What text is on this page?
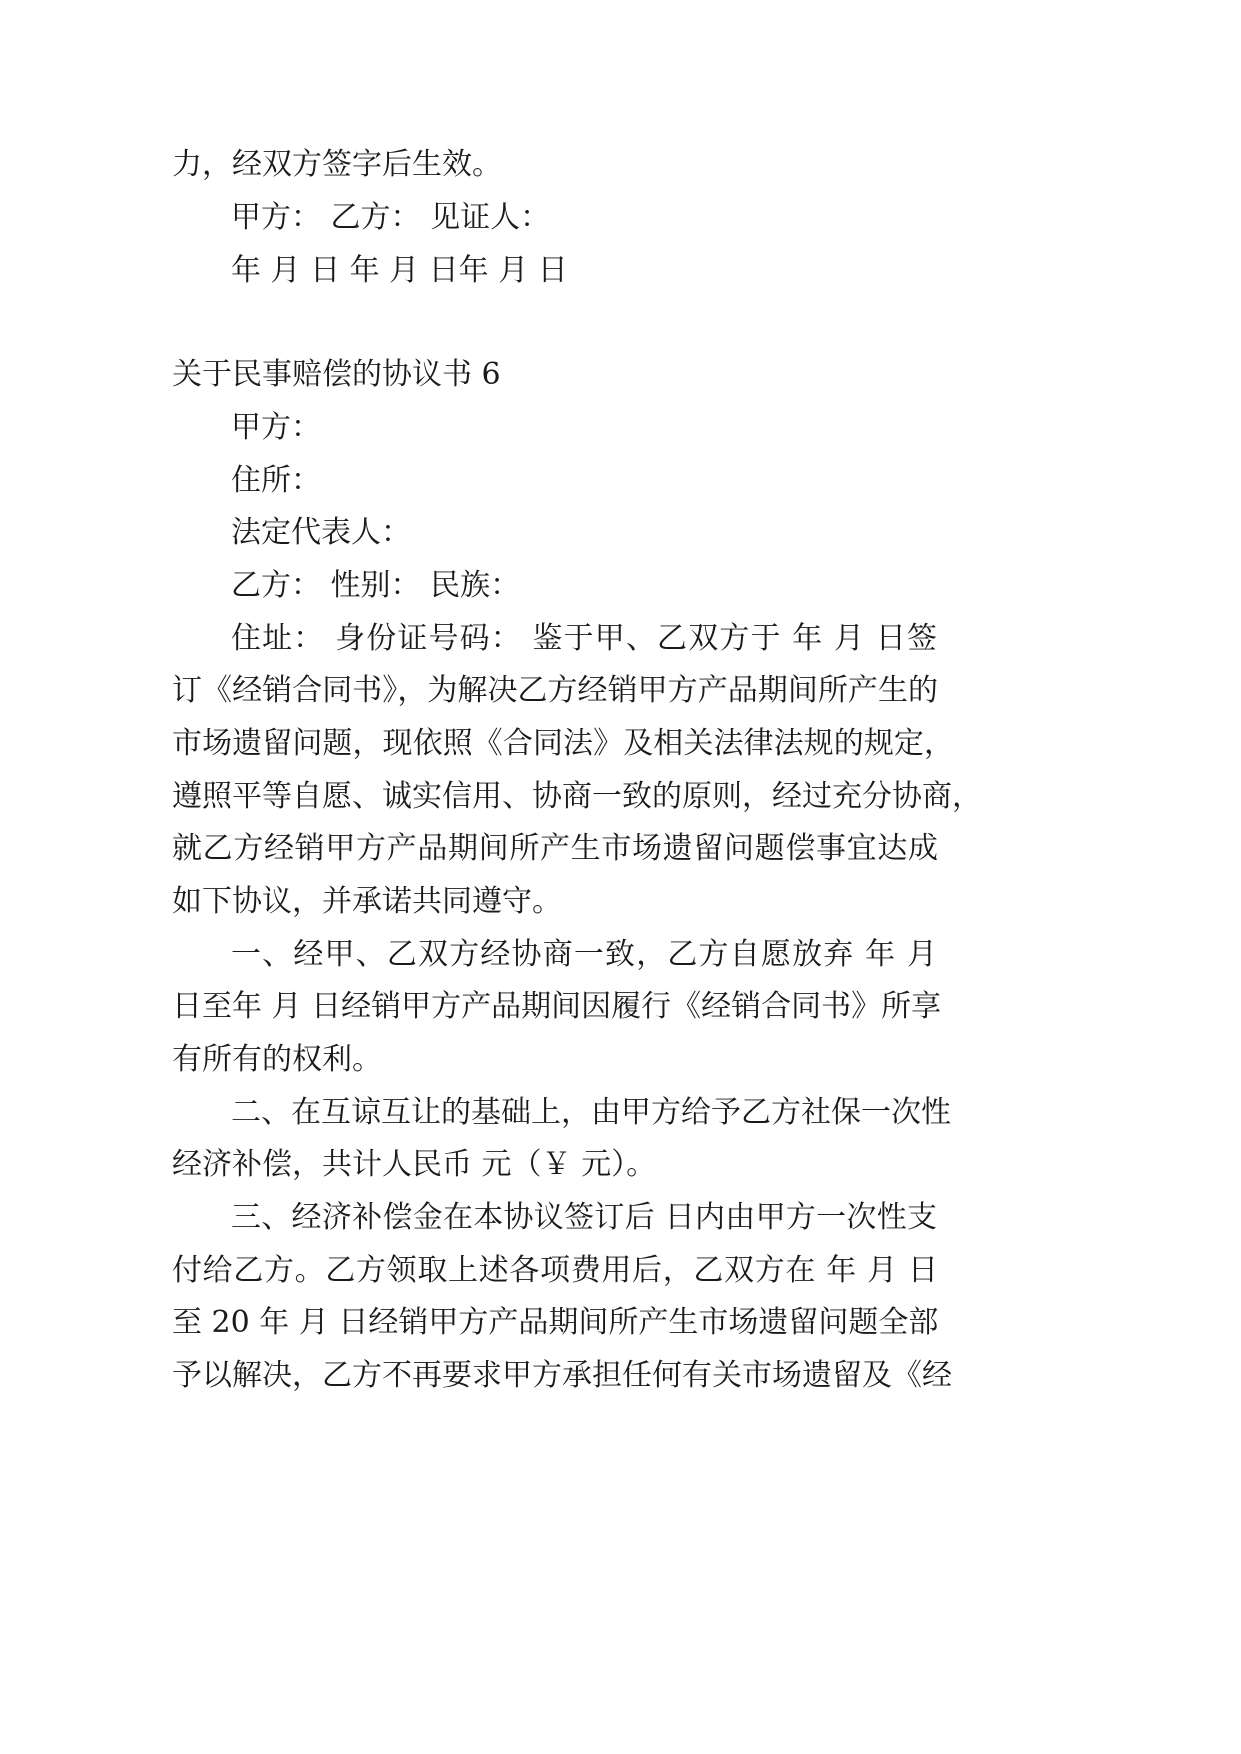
力，经双方签字后生效。
甲方： 乙方： 见证人：
年 月 日 年 月 日年 月 日
关于民事赔偿的协议书 6
甲方：
住所：
法定代表人：
乙方： 性别： 民族：
住址： 身份证号码： 鉴于甲、乙双方于 年 月 日签
订《经销合同书》，为解决乙方经销甲方产品期间所产生的
市场遗留问题，现依照《合同法》及相关法律法规的规定，
遵照平等自愿、诚实信用、协商一致的原则，经过充分协商，
就乙方经销甲方产品期间所产生市场遗留问题偿事宜达成
如下协议，并承诺共同遵守。
一、经甲、乙双方经协商一致，乙方自愿放弃 年 月
日至年 月 日经销甲方产品期间因履行《经销合同书》所享
有所有的权利。
二、在互谅互让的基础上，由甲方给予乙方社保一次性
经济补偿，共计人民币 元（￥ 元）。
三、经济补偿金在本协议签订后 日内由甲方一次性支
付给乙方。乙方领取上述各项费用后，乙双方在 年 月 日
至 20 年 月 日经销甲方产品期间所产生市场遗留问题全部
予以解决，乙方不再要求甲方承担任何有关市场遗留及《经
